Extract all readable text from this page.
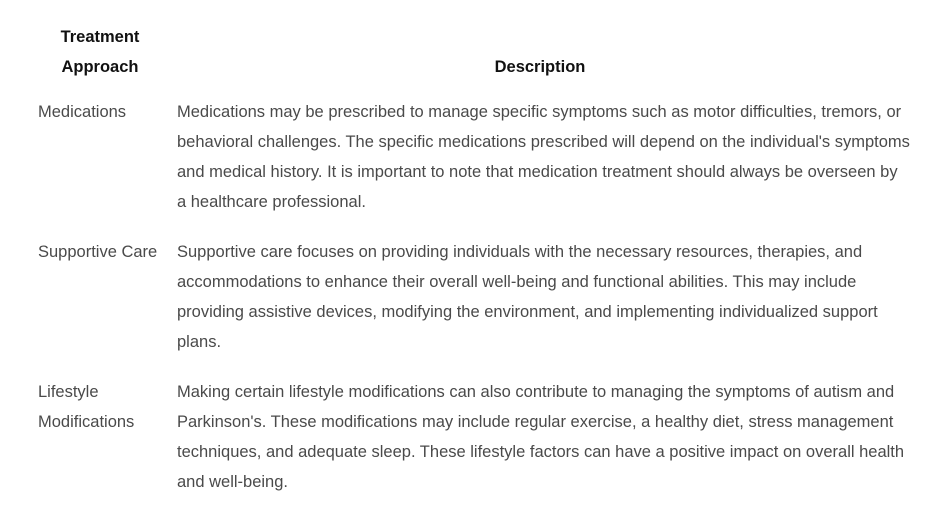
Treatment Approach	Description
Medications	Medications may be prescribed to manage specific symptoms such as motor difficulties, tremors, or behavioral challenges. The specific medications prescribed will depend on the individual's symptoms and medical history. It is important to note that medication treatment should always be overseen by a healthcare professional.
Supportive Care	Supportive care focuses on providing individuals with the necessary resources, therapies, and accommodations to enhance their overall well-being and functional abilities. This may include providing assistive devices, modifying the environment, and implementing individualized support plans.
Lifestyle Modifications	Making certain lifestyle modifications can also contribute to managing the symptoms of autism and Parkinson's. These modifications may include regular exercise, a healthy diet, stress management techniques, and adequate sleep. These lifestyle factors can have a positive impact on overall health and well-being.
